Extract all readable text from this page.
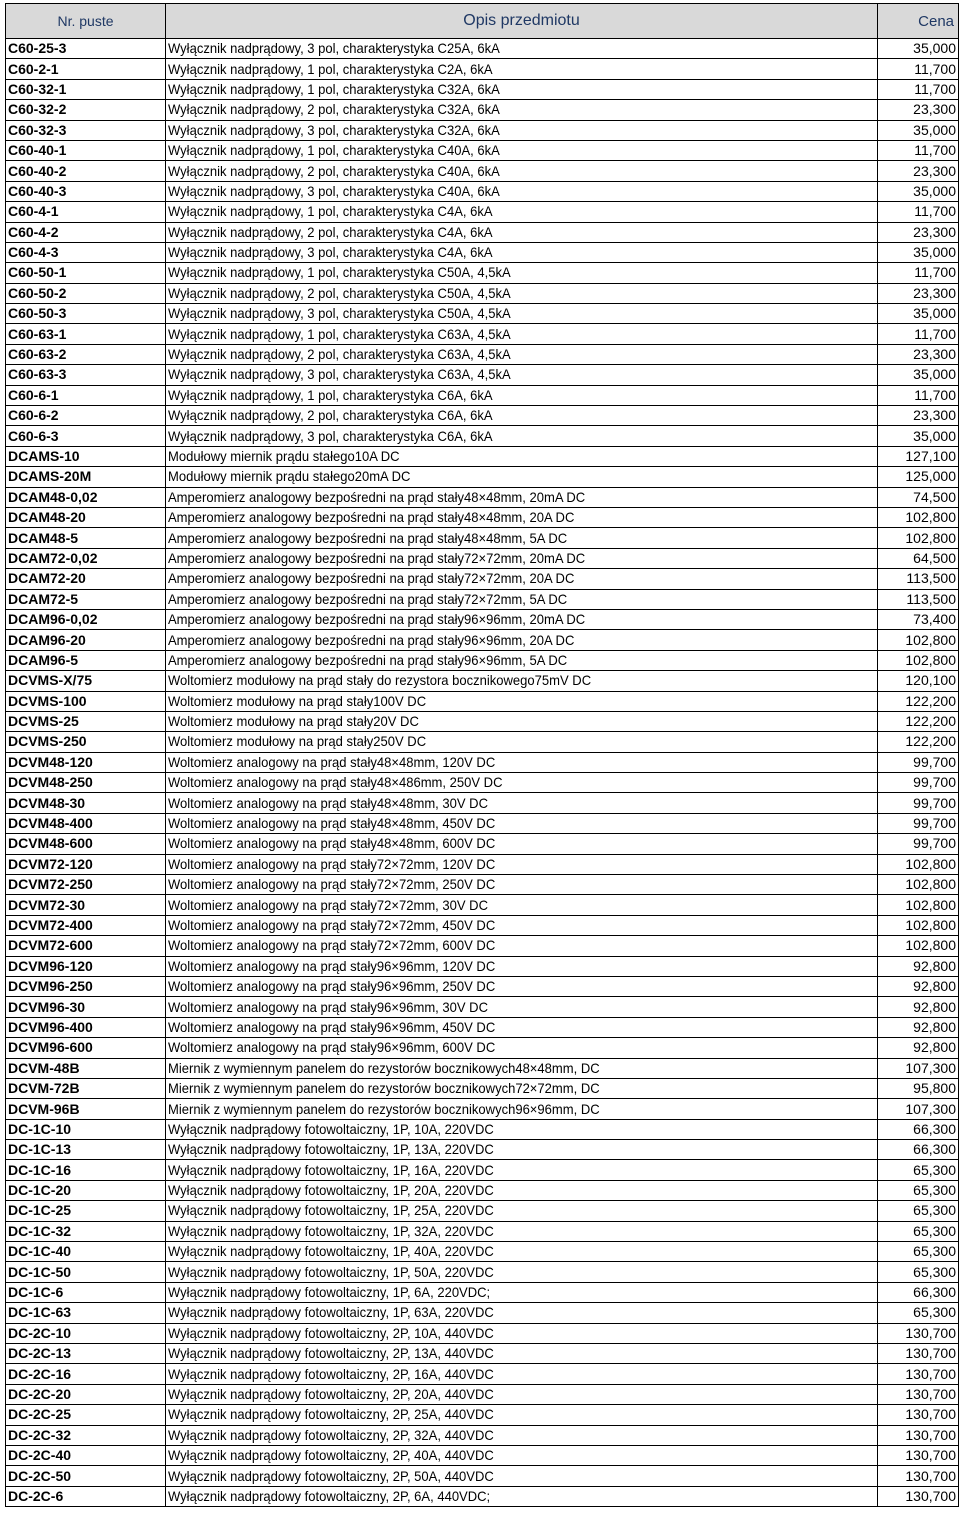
Nr. puste	Opis przedmiotu	Cena
C60-25-3	Wyłącznik nadprądowy, 3 pol, charakterystyka C25A, 6kA	35,000
C60-2-1	Wyłącznik nadprądowy, 1 pol, charakterystyka C2A, 6kA	11,700
C60-32-1	Wyłącznik nadprądowy, 1 pol, charakterystyka C32A, 6kA	11,700
C60-32-2	Wyłącznik nadprądowy, 2 pol, charakterystyka C32A, 6kA	23,300
C60-32-3	Wyłącznik nadprądowy, 3 pol, charakterystyka C32A, 6kA	35,000
C60-40-1	Wyłącznik nadprądowy, 1 pol, charakterystyka C40A, 6kA	11,700
C60-40-2	Wyłącznik nadprądowy, 2 pol, charakterystyka C40A, 6kA	23,300
C60-40-3	Wyłącznik nadprądowy, 3 pol, charakterystyka C40A, 6kA	35,000
C60-4-1	Wyłącznik nadprądowy, 1 pol, charakterystyka C4A, 6kA	11,700
C60-4-2	Wyłącznik nadprądowy, 2 pol, charakterystyka C4A, 6kA	23,300
C60-4-3	Wyłącznik nadprądowy, 3 pol, charakterystyka C4A, 6kA	35,000
C60-50-1	Wyłącznik nadprądowy, 1 pol, charakterystyka C50A, 4,5kA	11,700
C60-50-2	Wyłącznik nadprądowy, 2 pol, charakterystyka C50A, 4,5kA	23,300
C60-50-3	Wyłącznik nadprądowy, 3 pol, charakterystyka C50A, 4,5kA	35,000
C60-63-1	Wyłącznik nadprądowy, 1 pol, charakterystyka C63A, 4,5kA	11,700
C60-63-2	Wyłącznik nadprądowy, 2 pol, charakterystyka C63A, 4,5kA	23,300
C60-63-3	Wyłącznik nadprądowy, 3 pol, charakterystyka C63A, 4,5kA	35,000
C60-6-1	Wyłącznik nadprądowy, 1 pol, charakterystyka C6A, 6kA	11,700
C60-6-2	Wyłącznik nadprądowy, 2 pol, charakterystyka C6A, 6kA	23,300
C60-6-3	Wyłącznik nadprądowy, 3 pol, charakterystyka C6A, 6kA	35,000
DCAMS-10	Modułowy miernik prądu stałego10A DC	127,100
DCAMS-20M	Modułowy miernik prądu stałego20mA DC	125,000
DCAM48-0,02	Amperomierz analogowy bezpośredni na prąd stały48×48mm, 20mA DC	74,500
DCAM48-20	Amperomierz analogowy bezpośredni na prąd stały48×48mm, 20A DC	102,800
DCAM48-5	Amperomierz analogowy bezpośredni na prąd stały48×48mm, 5A DC	102,800
DCAM72-0,02	Amperomierz analogowy bezpośredni na prąd stały72×72mm, 20mA DC	64,500
DCAM72-20	Amperomierz analogowy bezpośredni na prąd stały72×72mm, 20A DC	113,500
DCAM72-5	Amperomierz analogowy bezpośredni na prąd stały72×72mm, 5A DC	113,500
DCAM96-0,02	Amperomierz analogowy bezpośredni na prąd stały96×96mm, 20mA DC	73,400
DCAM96-20	Amperomierz analogowy bezpośredni na prąd stały96×96mm, 20A DC	102,800
DCAM96-5	Amperomierz analogowy bezpośredni na prąd stały96×96mm, 5A DC	102,800
DCVMS-X/75	Woltomierz modułowy na prąd stały do rezystora bocznikowego75mV DC	120,100
DCVMS-100	Woltomierz modułowy na prąd stały100V DC	122,200
DCVMS-25	Woltomierz modułowy na prąd stały20V DC	122,200
DCVMS-250	Woltomierz modułowy na prąd stały250V DC	122,200
DCVM48-120	Woltomierz analogowy na prąd stały48×48mm, 120V DC	99,700
DCVM48-250	Woltomierz analogowy na prąd stały48×486mm, 250V DC	99,700
DCVM48-30	Woltomierz analogowy na prąd stały48×48mm, 30V DC	99,700
DCVM48-400	Woltomierz analogowy na prąd stały48×48mm, 450V DC	99,700
DCVM48-600	Woltomierz analogowy na prąd stały48×48mm, 600V DC	99,700
DCVM72-120	Woltomierz analogowy na prąd stały72×72mm, 120V DC	102,800
DCVM72-250	Woltomierz analogowy na prąd stały72×72mm, 250V DC	102,800
DCVM72-30	Woltomierz analogowy na prąd stały72×72mm, 30V DC	102,800
DCVM72-400	Woltomierz analogowy na prąd stały72×72mm, 450V DC	102,800
DCVM72-600	Woltomierz analogowy na prąd stały72×72mm, 600V DC	102,800
DCVM96-120	Woltomierz analogowy na prąd stały96×96mm, 120V DC	92,800
DCVM96-250	Woltomierz analogowy na prąd stały96×96mm, 250V DC	92,800
DCVM96-30	Woltomierz analogowy na prąd stały96×96mm, 30V DC	92,800
DCVM96-400	Woltomierz analogowy na prąd stały96×96mm, 450V DC	92,800
DCVM96-600	Woltomierz analogowy na prąd stały96×96mm, 600V DC	92,800
DCVM-48B	Miernik z wymiennym panelem do rezystorów bocznikowych48×48mm, DC	107,300
DCVM-72B	Miernik z wymiennym panelem do rezystorów bocznikowych72×72mm, DC	95,800
DCVM-96B	Miernik z wymiennym panelem do rezystorów bocznikowych96×96mm, DC	107,300
DC-1C-10	Wyłącznik nadprądowy fotowoltaiczny, 1P, 10A, 220VDC	66,300
DC-1C-13	Wyłącznik nadprądowy fotowoltaiczny, 1P, 13A, 220VDC	66,300
DC-1C-16	Wyłącznik nadprądowy fotowoltaiczny, 1P, 16A, 220VDC	65,300
DC-1C-20	Wyłącznik nadprądowy fotowoltaiczny, 1P, 20A, 220VDC	65,300
DC-1C-25	Wyłącznik nadprądowy fotowoltaiczny, 1P, 25A, 220VDC	65,300
DC-1C-32	Wyłącznik nadprądowy fotowoltaiczny, 1P, 32A, 220VDC	65,300
DC-1C-40	Wyłącznik nadprądowy fotowoltaiczny, 1P, 40A, 220VDC	65,300
DC-1C-50	Wyłącznik nadprądowy fotowoltaiczny, 1P, 50A, 220VDC	65,300
DC-1C-6	Wyłącznik nadprądowy fotowoltaiczny, 1P, 6A, 220VDC;	66,300
DC-1C-63	Wyłącznik nadprądowy fotowoltaiczny, 1P, 63A, 220VDC	65,300
DC-2C-10	Wyłącznik nadprądowy fotowoltaiczny, 2P, 10A, 440VDC	130,700
DC-2C-13	Wyłącznik nadprądowy fotowoltaiczny, 2P, 13A, 440VDC	130,700
DC-2C-16	Wyłącznik nadprądowy fotowoltaiczny, 2P, 16A, 440VDC	130,700
DC-2C-20	Wyłącznik nadprądowy fotowoltaiczny, 2P, 20A, 440VDC	130,700
DC-2C-25	Wyłącznik nadprądowy fotowoltaiczny, 2P, 25A, 440VDC	130,700
DC-2C-32	Wyłącznik nadprądowy fotowoltaiczny, 2P, 32A, 440VDC	130,700
DC-2C-40	Wyłącznik nadprądowy fotowoltaiczny, 2P, 40A, 440VDC	130,700
DC-2C-50	Wyłącznik nadprądowy fotowoltaiczny, 2P, 50A, 440VDC	130,700
DC-2C-6	Wyłącznik nadprądowy fotowoltaiczny, 2P, 6A, 440VDC;	130,700
